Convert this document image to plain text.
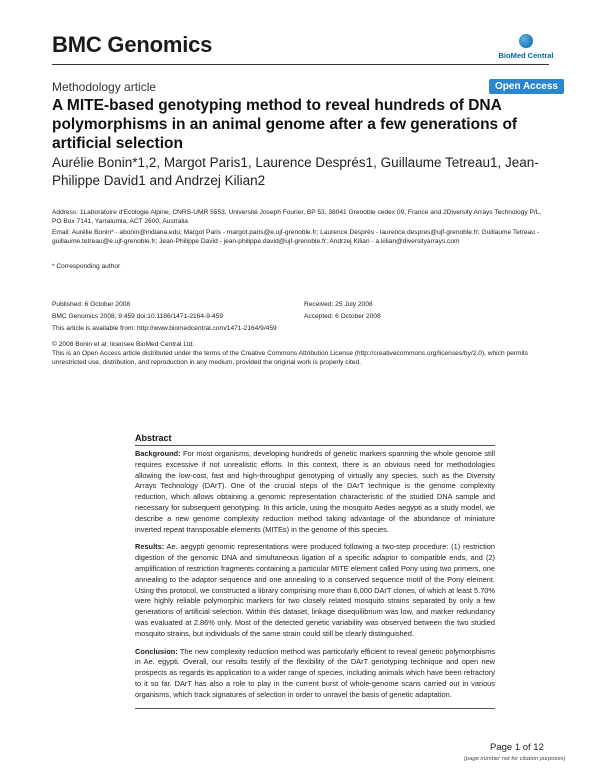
BMC Genomics	BioMed Central
Methodology article	Open Access
A MITE-based genotyping method to reveal hundreds of DNA polymorphisms in an animal genome after a few generations of artificial selection
Aurélie Bonin*1,2, Margot Paris1, Laurence Després1, Guillaume Tetreau1, Jean-Philippe David1 and Andrzej Kilian2
Address: 1Laboratoire d'Ecologie Alpine, CNRS-UMR 5553, Université Joseph Fourier, BP 53, 38041 Grenoble cedex 09, France and 2Diversity Arrays Technology P/L, PO Box 7141, Yarralumla, ACT 2600, Australia
Email: Aurélie Bonin* - abonin@indiana.edu; Margot Paris - margot.paris@e.ujf-grenoble.fr; Laurence Després - laurence.despres@ujf-grenoble.fr; Guillaume Tetreau - guillaume.tetreau@e.ujf-grenoble.fr; Jean-Philippe David - jean-philippe.david@ujf-grenoble.fr; Andrzej Kilian - a.kilian@diversityarrays.com
* Corresponding author
Published: 6 October 2008
BMC Genomics 2008, 9:459 doi:10.1186/1471-2164-9-459
This article is available from: http://www.biomedcentral.com/1471-2164/9/459
Received: 25 July 2008
Accepted: 6 October 2008
© 2008 Bonin et al; licensee BioMed Central Ltd.
This is an Open Access article distributed under the terms of the Creative Commons Attribution License (http://creativecommons.org/licenses/by/2.0), which permits unrestricted use, distribution, and reproduction in any medium, provided the original work is properly cited.
Abstract

Background: For most organisms, developing hundreds of genetic markers spanning the whole genome still requires excessive if not unrealistic efforts. In this context, there is an obvious need for methodologies allowing the low-cost, fast and high-throughput genotyping of virtually any species, such as the Diversity Arrays Technology (DArT). One of the crucial steps of the DArT technique is the genome complexity reduction, which allows obtaining a genomic representation characteristic of the studied DNA sample and necessary for subsequent genotyping. In this article, using the mosquito Aedes aegypti as a study model, we describe a new genome complexity reduction method taking advantage of the abundance of miniature inverted repeat transposable elements (MITEs) in the genome of this species.

Results: Ae. aegypti genomic representations were produced following a two-step procedure: (1) restriction digestion of the genomic DNA and simultaneous ligation of a specific adaptor to compatible ends, and (2) amplification of restriction fragments containing a particular MITE element called Pony using two primers, one annealing to the adaptor sequence and one annealing to a conserved sequence motif of the Pony element. Using this protocol, we constructed a library comprising more than 6,000 DArT clones, of which at least 5.70% were highly reliable polymorphic markers for two closely related mosquito strains separated by only a few generations of artificial selection. Within this dataset, linkage disequilibrium was low, and marker redundancy was evaluated at 2.86% only. Most of the detected genetic variability was observed between the two studied mosquito strains, but individuals of the same strain could still be clearly distinguished.

Conclusion: The new complexity reduction method was particularly efficient to reveal genetic polymorphisms in Ae. egypti. Overall, our results testify of the flexibility of the DArT genotyping technique and open new prospects as regards its application to a wider range of species, including animals which have been refractory to it so far. DArT has also a role to play in the current burst of whole-genome scans carried out in various organisms, which track signatures of selection in order to unravel the basis of genetic adaptation.

Page 1 of 12
(page number not for citation purposes)
